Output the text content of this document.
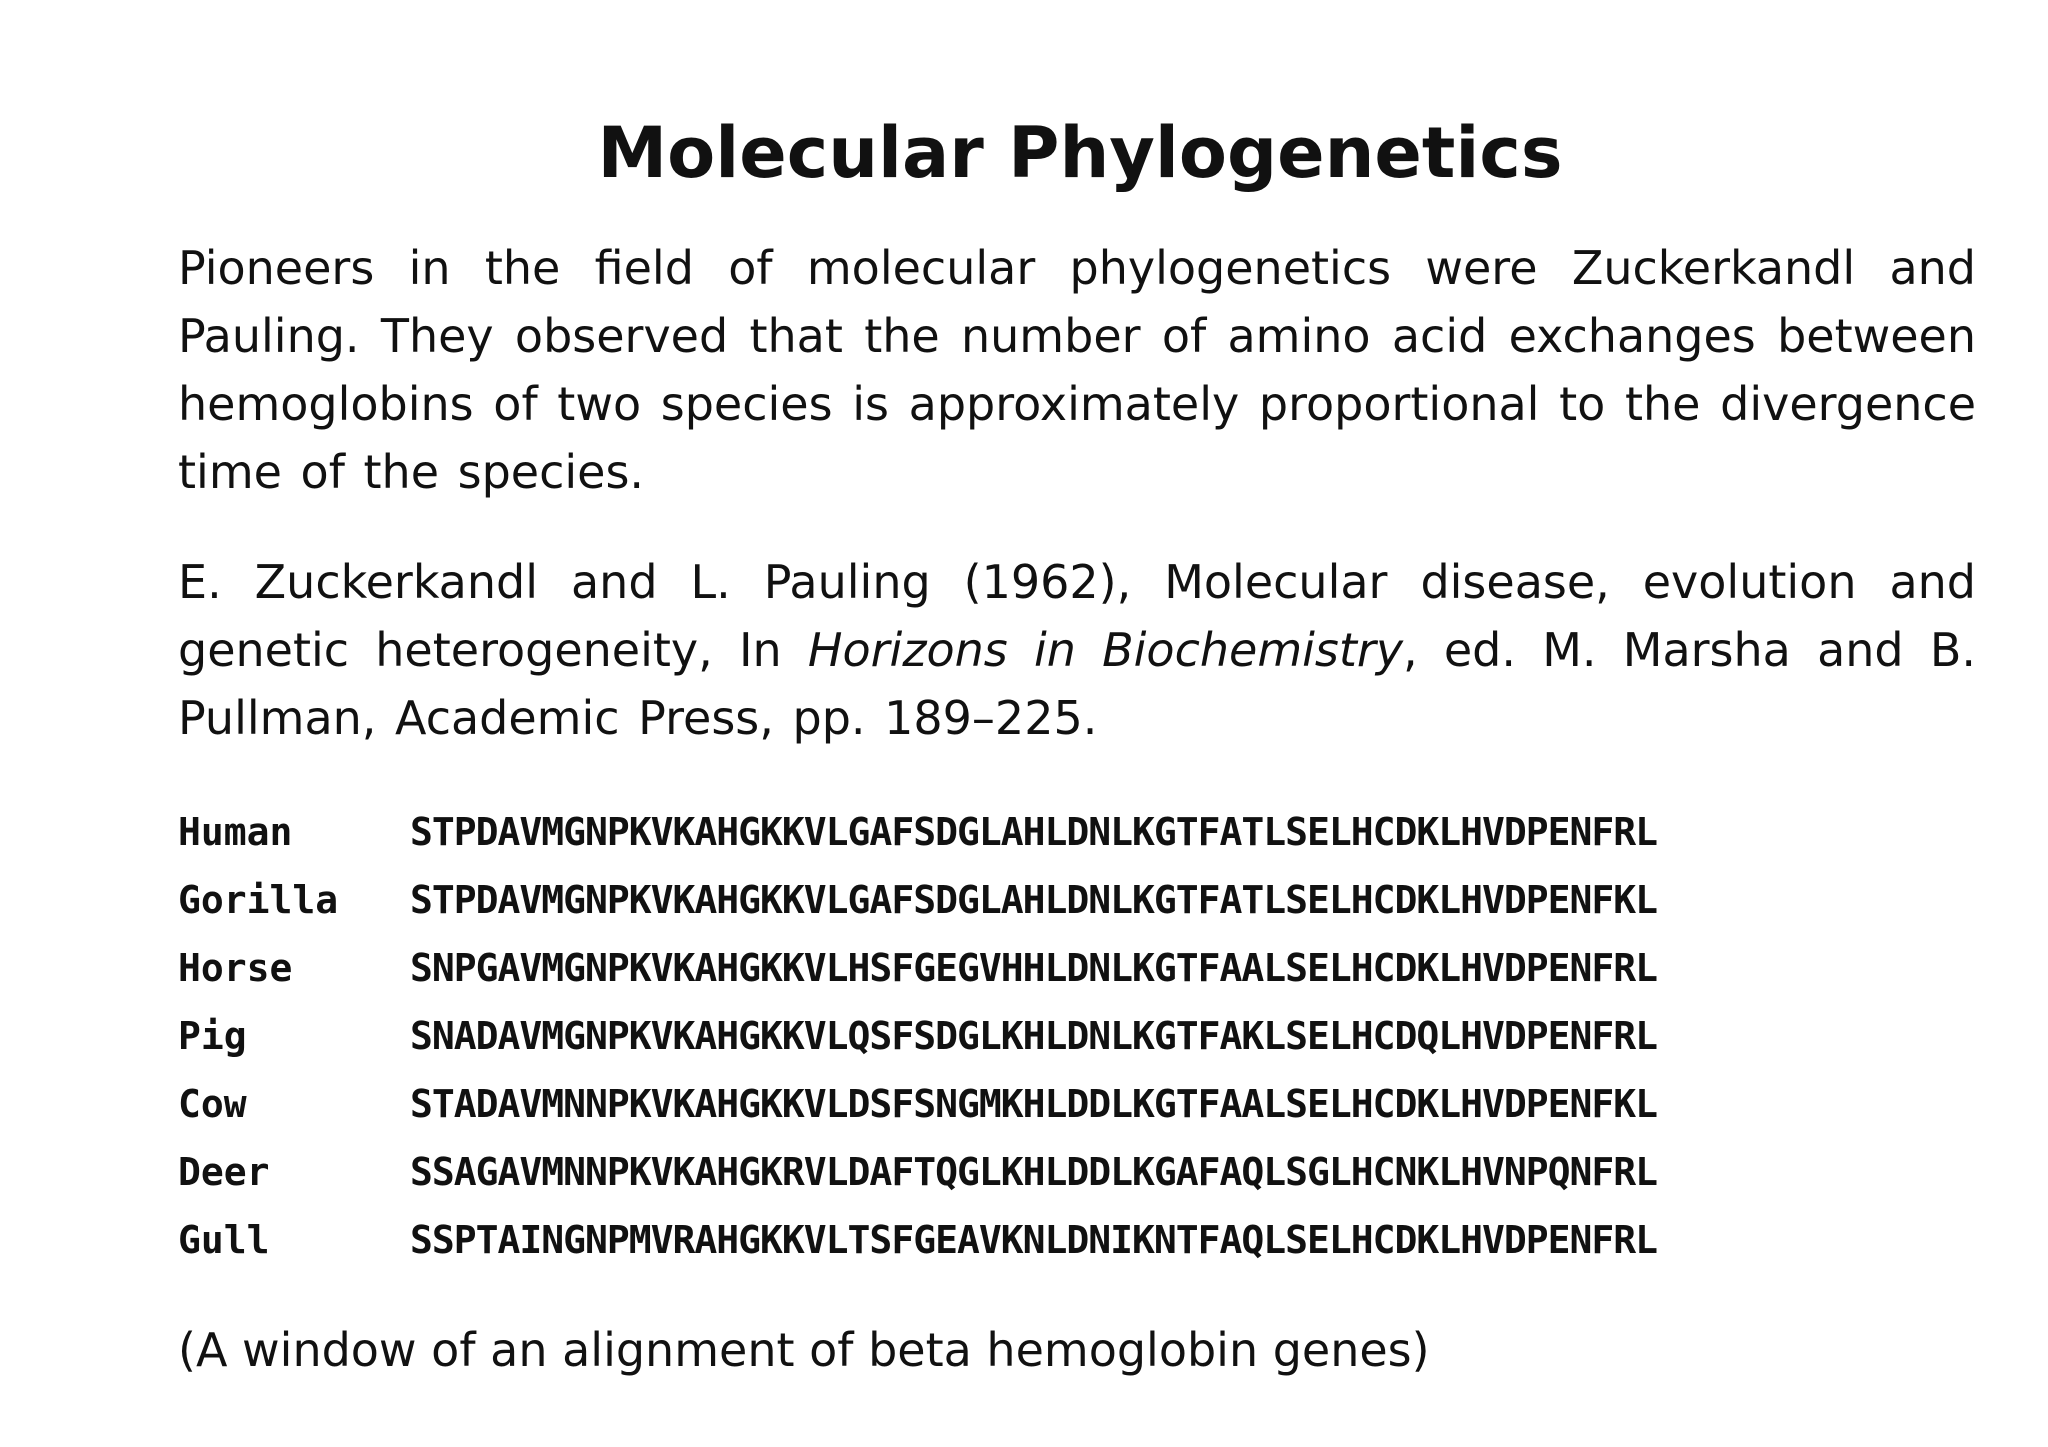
Molecular Phylogenetics

Pioneers in the field of molecular phylogenetics were Zuckerkandl and Pauling. They observed that the number of amino acid exchanges between hemoglobins of two species is approximately proportional to the divergence time of the species.

E. Zuckerkandl and L. Pauling (1962), Molecular disease, evolution and genetic heterogeneity, In Horizons in Biochemistry, ed. M. Marsha and B. Pullman, Academic Press, pp. 189–225.

Human	STPDAVMGNPKVKAHGKKVLGAFSDGLAHLDNLKGTFATLSELHCDKLHVDPENFRL
Gorilla	STPDAVMGNPKVKAHGKKVLGAFSDGLAHLDNLKGTFATLSELHCDKLHVDPENFKL
Horse	SNPGAVMGNPKVKAHGKKVLHSFGEGVHHLDNLKGTFAALSELHCDKLHVDPENFRL
Pig	SNADAVMGNPKVKAHGKKVLQSFSDGLKHLDNLKGTFAKLSELHCDQLHVDPENFRL
Cow	STADAVMNNPKVKAHGKKVLDSFSNGMKHLDDLKGTFAALSELHCDKLHVDPENFKL
Deer	SSAGAVMNNPKVKAHGKRVLDAFTQGLKHLDDLKGAFAQLSGLHCNKLHVNPQNFRL
Gull	SSPTAINGNPMVRAHGKKVLTSFGEAVKNLDNIKNTFAQLSELHCDKLHVDPENFRL

(A window of an alignment of beta hemoglobin genes)
